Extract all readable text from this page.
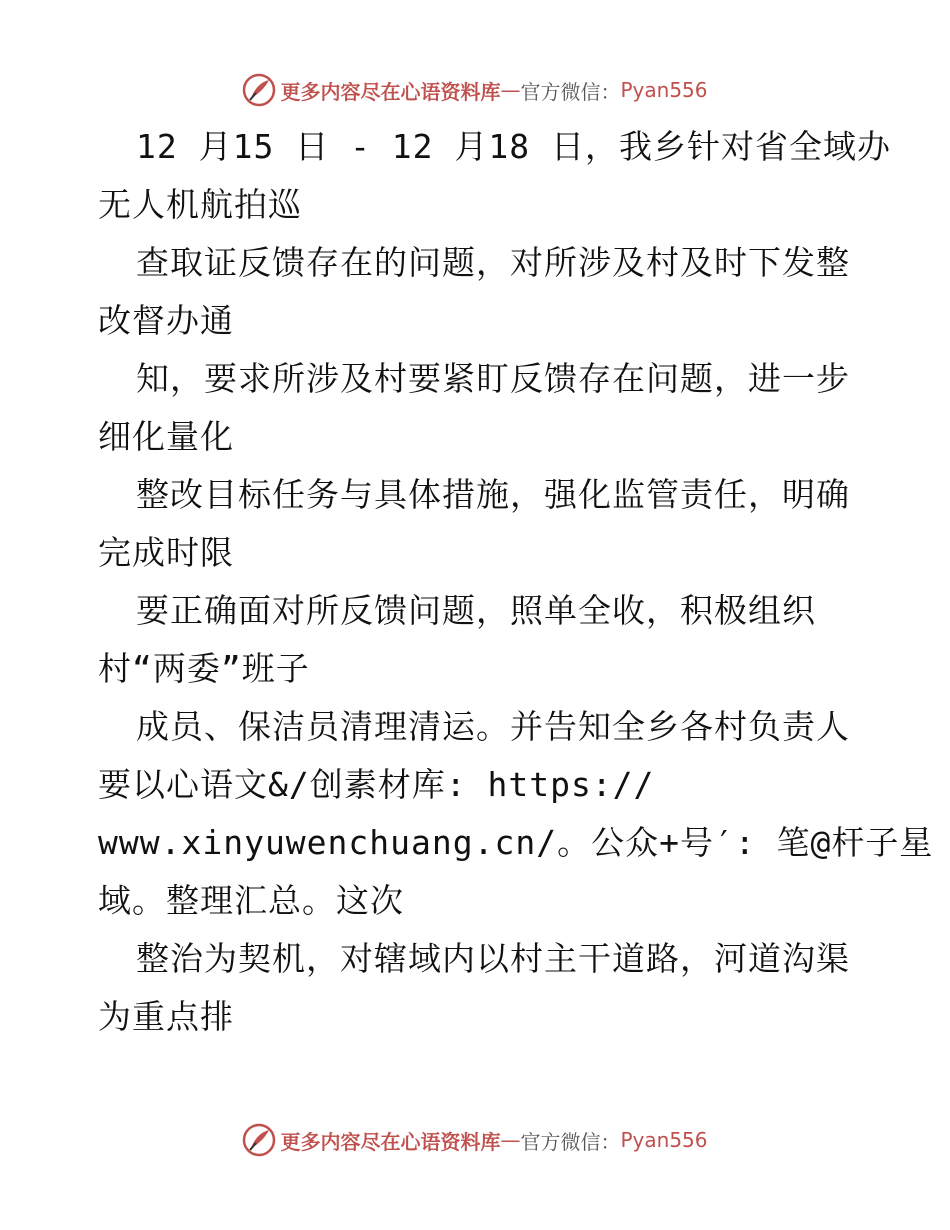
更多内容尽在心语资料库 — 官方微信： Pyan556
12 月15 日 - 12 月18 日，我乡针对省全域办
无人机航拍巡
查取证反馈存在的问题，对所涉及村及时下发整
改督办通
知，要求所涉及村要紧盯反馈存在问题，进一步
细化量化
整改目标任务与具体措施，强化监管责任，明确
完成时限
要正确面对所反馈问题，照单全收，积极组织
村“两委”班子
成员、保洁员清理清运。并告知全乡各村负责人
要以心语文&/创素材库: https://
www.xinyuwenchuang.cn/。公众+号′: 笔@杆子星
域。整理汇总。这次
整治为契机，对辖域内以村主干道路，河道沟渠
为重点排
更多内容尽在心语资料库 — 官方微信： Pyan556
